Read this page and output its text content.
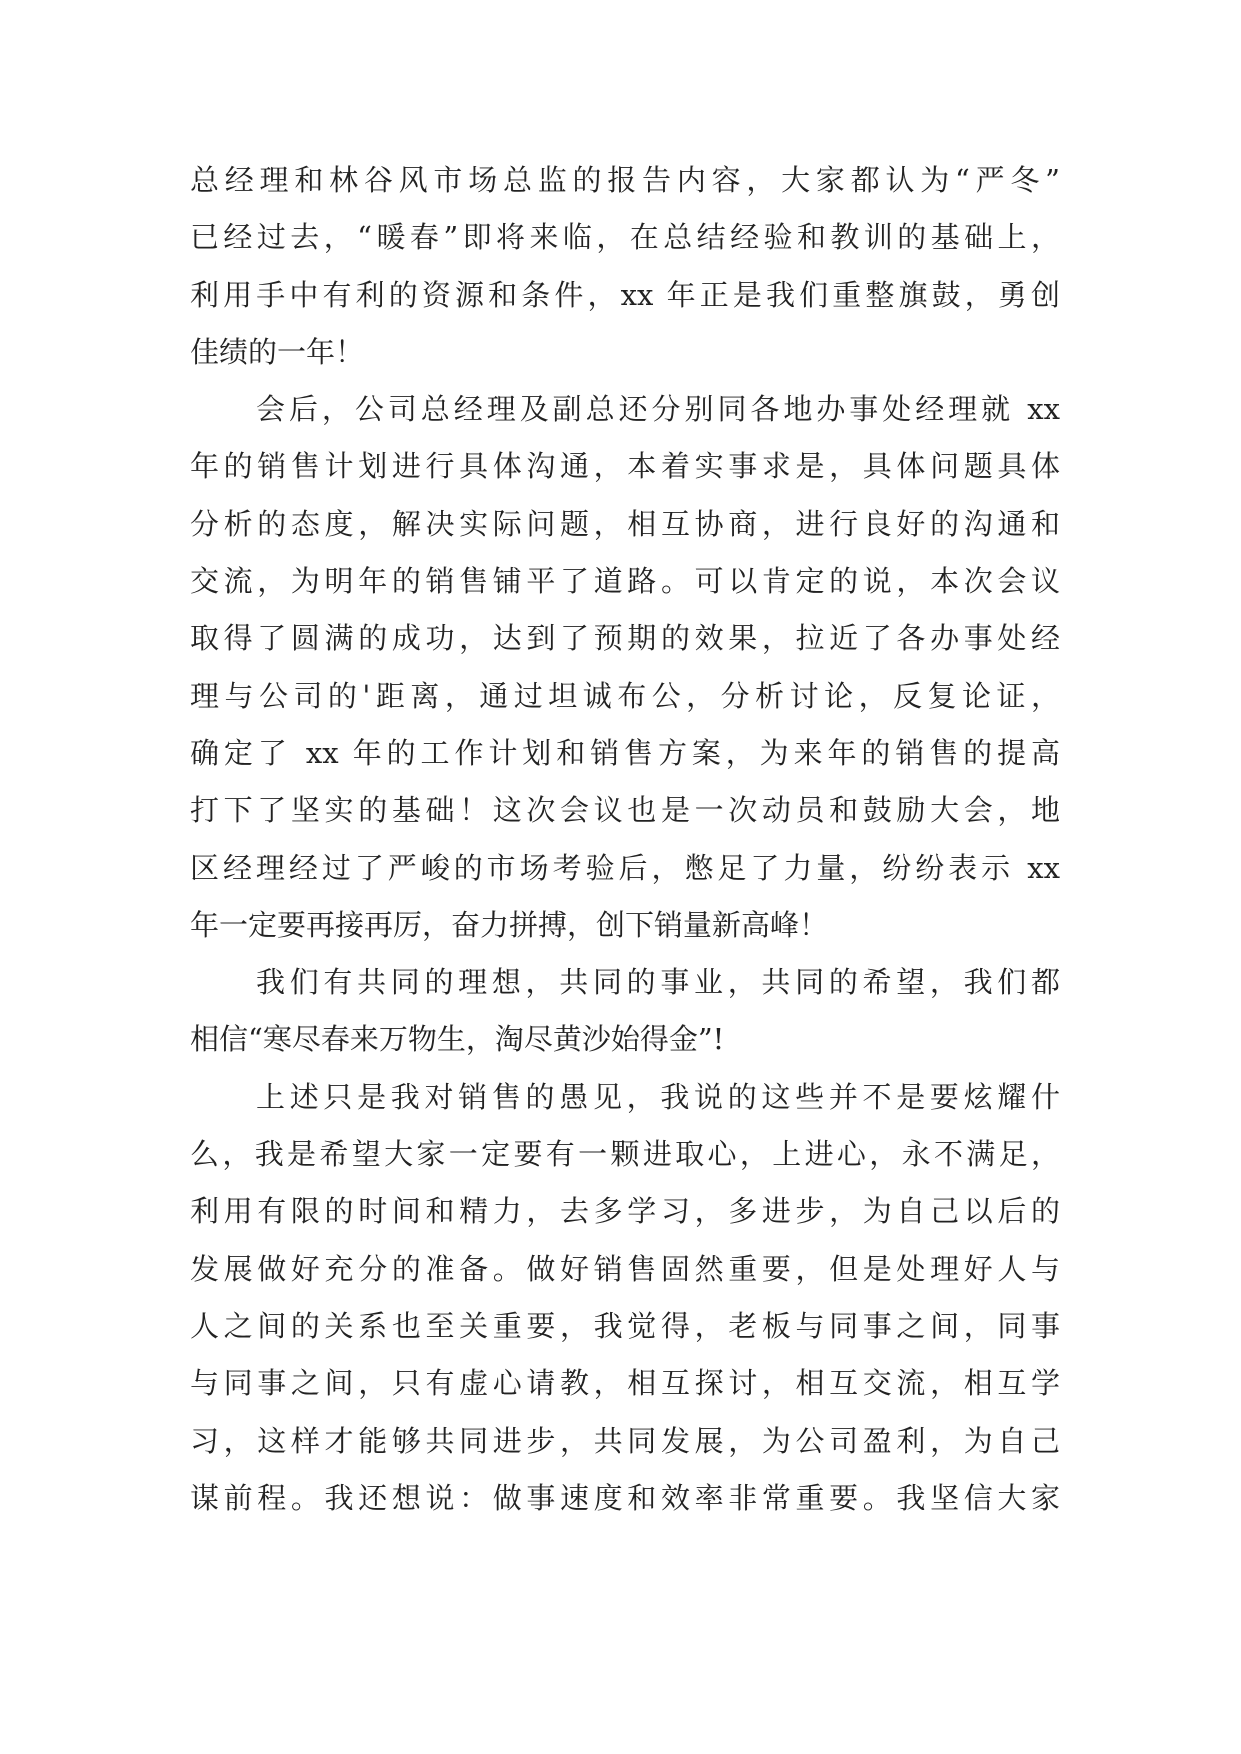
总经理和林谷风市场总监的报告内容，大家都认为“严冬”
已经过去，“暖春”即将来临，在总结经验和教训的基础上，
利用手中有利的资源和条件，xx 年正是我们重整旗鼓，勇创
佳绩的一年！
会后，公司总经理及副总还分别同各地办事处经理就 xx
年的销售计划进行具体沟通，本着实事求是，具体问题具体
分析的态度，解决实际问题，相互协商，进行良好的沟通和
交流，为明年的销售铺平了道路。可以肯定的说，本次会议
取得了圆满的成功，达到了预期的效果，拉近了各办事处经
理与公司的'距离，通过坦诚布公，分析讨论，反复论证，
确定了 xx 年的工作计划和销售方案，为来年的销售的提高
打下了坚实的基础！这次会议也是一次动员和鼓励大会，地
区经理经过了严峻的市场考验后，憋足了力量，纷纷表示 xx
年一定要再接再厉，奋力拼搏，创下销量新高峰！
我们有共同的理想，共同的事业，共同的希望，我们都
相信“寒尽春来万物生，淘尽黄沙始得金”!
上述只是我对销售的愚见，我说的这些并不是要炫耀什
么，我是希望大家一定要有一颗进取心，上进心，永不满足，
利用有限的时间和精力，去多学习，多进步，为自己以后的
发展做好充分的准备。做好销售固然重要，但是处理好人与
人之间的关系也至关重要，我觉得，老板与同事之间，同事
与同事之间，只有虚心请教，相互探讨，相互交流，相互学
习，这样才能够共同进步，共同发展，为公司盈利，为自己
谋前程。我还想说：做事速度和效率非常重要。我坚信大家
